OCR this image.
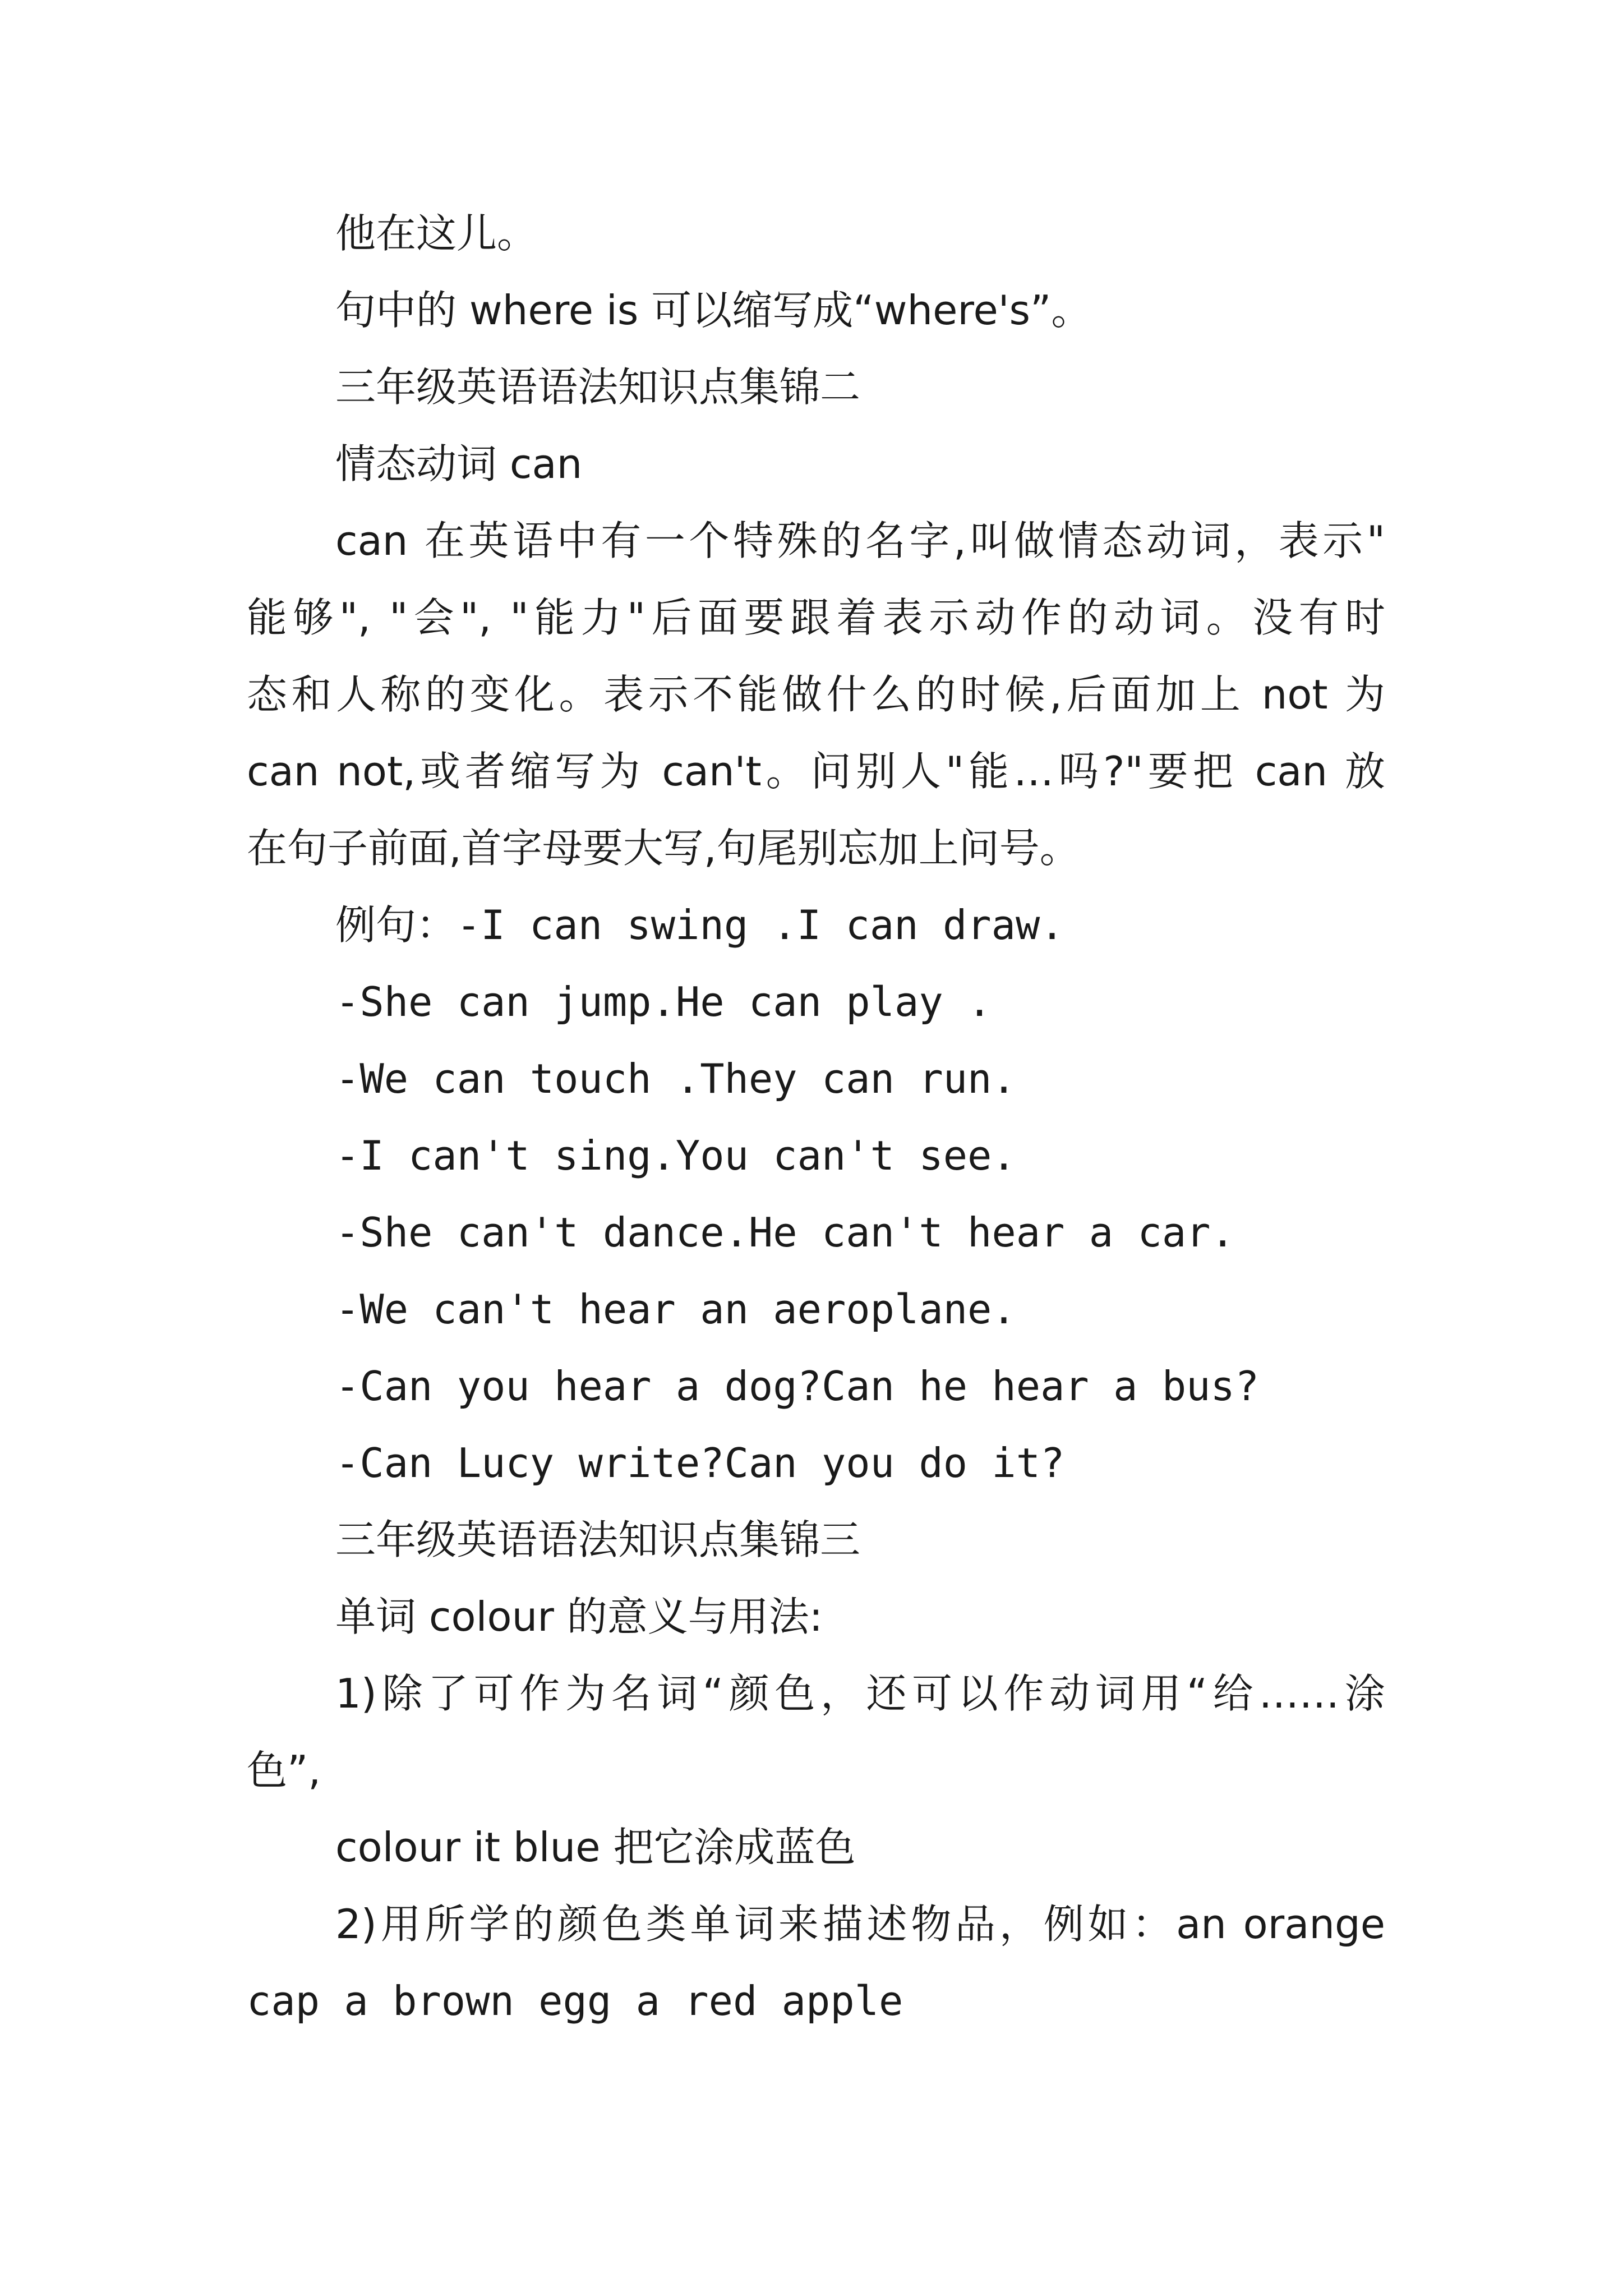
他在这儿。

句中的 where is 可以缩写成“where's”。

三年级英语语法知识点集锦二

情态动词 can

can 在英语中有一个特殊的名字,叫做情态动词，表示"

能够", "会", "能力"后面要跟着表示动作的动词。没有时

态和人称的变化。表示不能做什么的时候,后面加上 not 为

can not,或者缩写为 can't。问别人"能…吗?"要把 can 放

在句子前面,首字母要大写,句尾别忘加上问号。

例句：-I can swing .I can draw.

-She can jump.He can play .

-We can touch .They can run.

-I can't sing.You can't see.

-She can't dance.He can't hear a car.

-We can't hear an aeroplane.

-Can you hear a dog?Can he hear a bus?

-Can Lucy write?Can you do it?

三年级英语语法知识点集锦三

单词 colour 的意义与用法:

1)除了可作为名词“颜色，还可以作动词用“给……涂

色”,

colour it blue 把它涂成蓝色

2)用所学的颜色类单词来描述物品，例如：an orange

cap a brown egg a red apple
